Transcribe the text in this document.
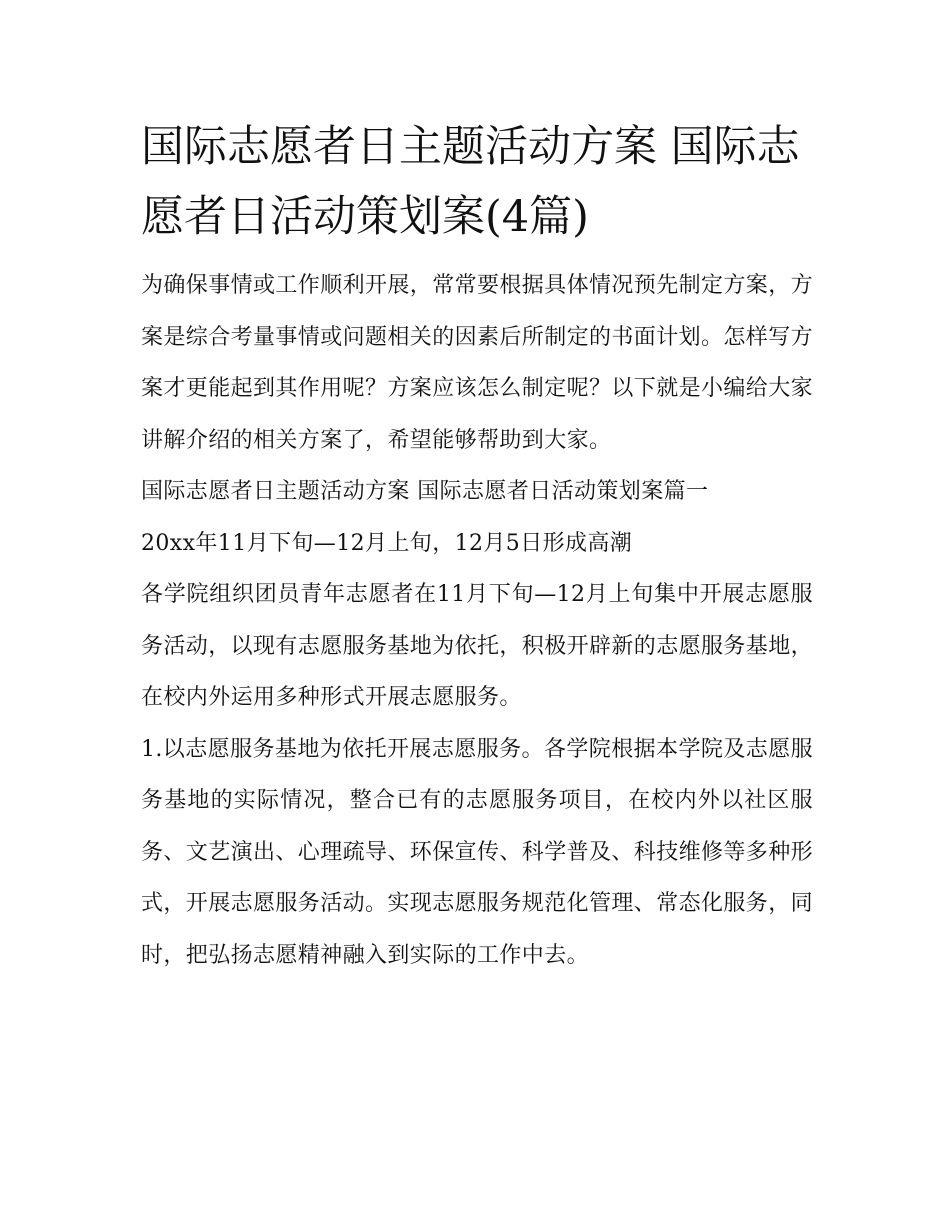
国际志愿者日主题活动方案 国际志愿者日活动策划案(4篇)

为确保事情或工作顺利开展，常常要根据具体情况预先制定方案，方案是综合考量事情或问题相关的因素后所制定的书面计划。怎样写方案才更能起到其作用呢？方案应该怎么制定呢？以下就是小编给大家讲解介绍的相关方案了，希望能够帮助到大家。

国际志愿者日主题活动方案 国际志愿者日活动策划案篇一

20xx年11月下旬—12月上旬，12月5日形成高潮

各学院组织团员青年志愿者在11月下旬—12月上旬集中开展志愿服务活动，以现有志愿服务基地为依托，积极开辟新的志愿服务基地，在校内外运用多种形式开展志愿服务。

1.以志愿服务基地为依托开展志愿服务。各学院根据本学院及志愿服务基地的实际情况，整合已有的志愿服务项目，在校内外以社区服务、文艺演出、心理疏导、环保宣传、科学普及、科技维修等多种形式，开展志愿服务活动。实现志愿服务规范化管理、常态化服务，同时，把弘扬志愿精神融入到实际的工作中去。
